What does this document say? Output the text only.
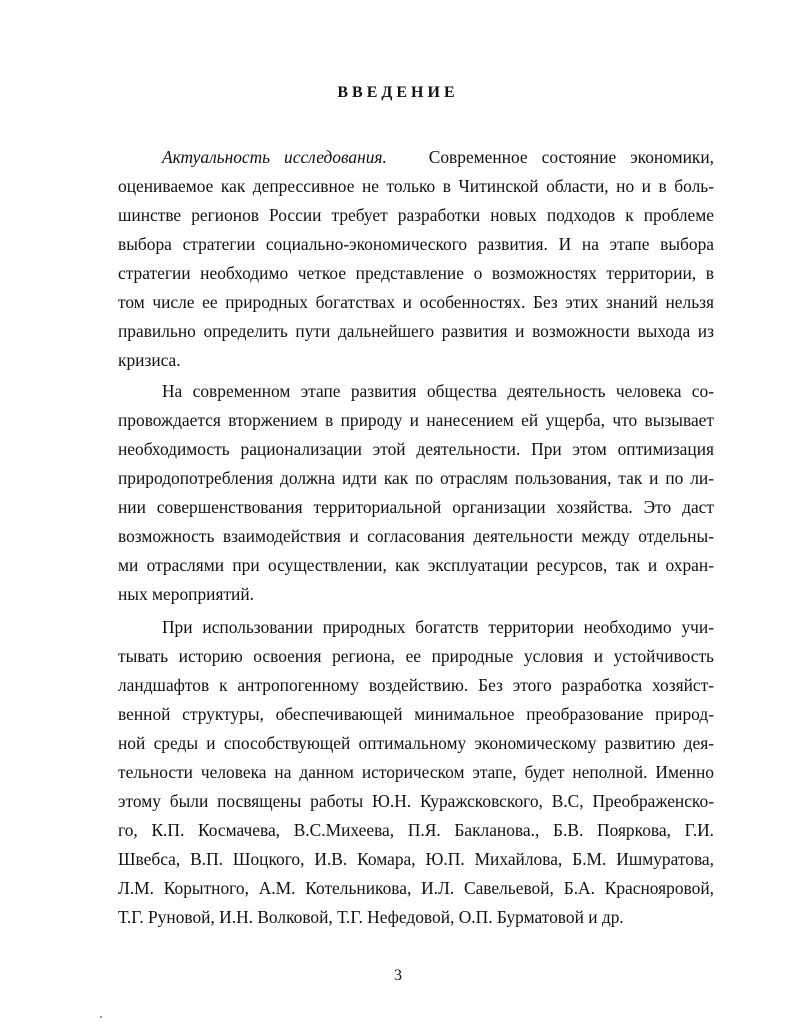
ВВЕДЕНИЕ
Актуальность исследования. Современное состояние экономики,
оцениваемое как депрессивное не только в Читинской области, но и в боль-
шинстве регионов России требует разработки новых подходов к проблеме
выбора стратегии социально-экономического развития. И на этапе выбора
стратегии необходимо четкое представление о возможностях территории, в
том числе ее природных богатствах и особенностях. Без этих знаний нельзя
правильно определить пути дальнейшего развития и возможности выхода из
кризиса.
На современном этапе развития общества деятельность человека со-
провождается вторжением в природу и нанесением ей ущерба, что вызывает
необходимость рационализации этой деятельности. При этом оптимизация
природопотребления должна идти как по отраслям пользования, так и по ли-
нии совершенствования территориальной организации хозяйства. Это даст
возможность взаимодействия и согласования деятельности между отдельны-
ми отраслями при осуществлении, как эксплуатации ресурсов, так и охран-
ных мероприятий.
При использовании природных богатств территории необходимо учи-
тывать историю освоения региона, ее природные условия и устойчивость
ландшафтов к антропогенному воздействию. Без этого разработка хозяйст-
венной структуры, обеспечивающей минимальное преобразование природ-
ной среды и способствующей оптимальному экономическому развитию дея-
тельности человека на данном историческом этапе, будет неполной. Именно
этому были посвящены работы Ю.Н. Куражсковского, В.С, Преображенско-
го, К.П. Космачева, В.С.Михеева, П.Я. Бакланова., Б.В. Пояркова, Г.И.
Швебса, В.П. Шоцкого, И.В. Комара, Ю.П. Михайлова, Б.М. Ишмуратова,
Л.М. Корытного, А.М. Котельникова, И.Л. Савельевой, Б.А. Краснояровой,
Т.Г. Руновой, И.Н. Волковой, Т.Г. Нефедовой, О.П. Бурматовой и др.
3
